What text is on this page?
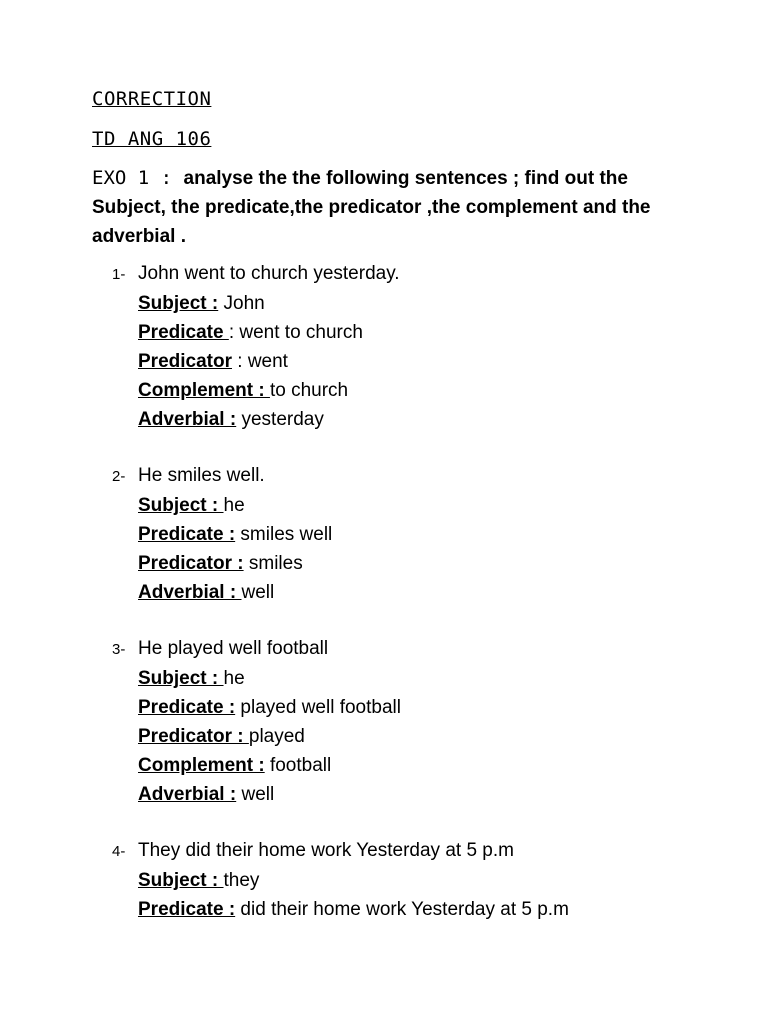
CORRECTION
TD ANG 106
EXO 1 : analyse the the following sentences ; find out the Subject, the predicate,the predicator ,the complement and the adverbial .
1- John went to church yesterday.
Subject : John
Predicate : went to church
Predicator : went
Complement : to church
Adverbial : yesterday
2- He smiles well.
Subject : he
Predicate : smiles well
Predicator : smiles
Adverbial : well
3- He played well football
Subject : he
Predicate : played well football
Predicator : played
Complement : football
Adverbial : well
4- They did their home work Yesterday at 5 p.m
Subject : they
Predicate : did their home work Yesterday at 5 p.m
